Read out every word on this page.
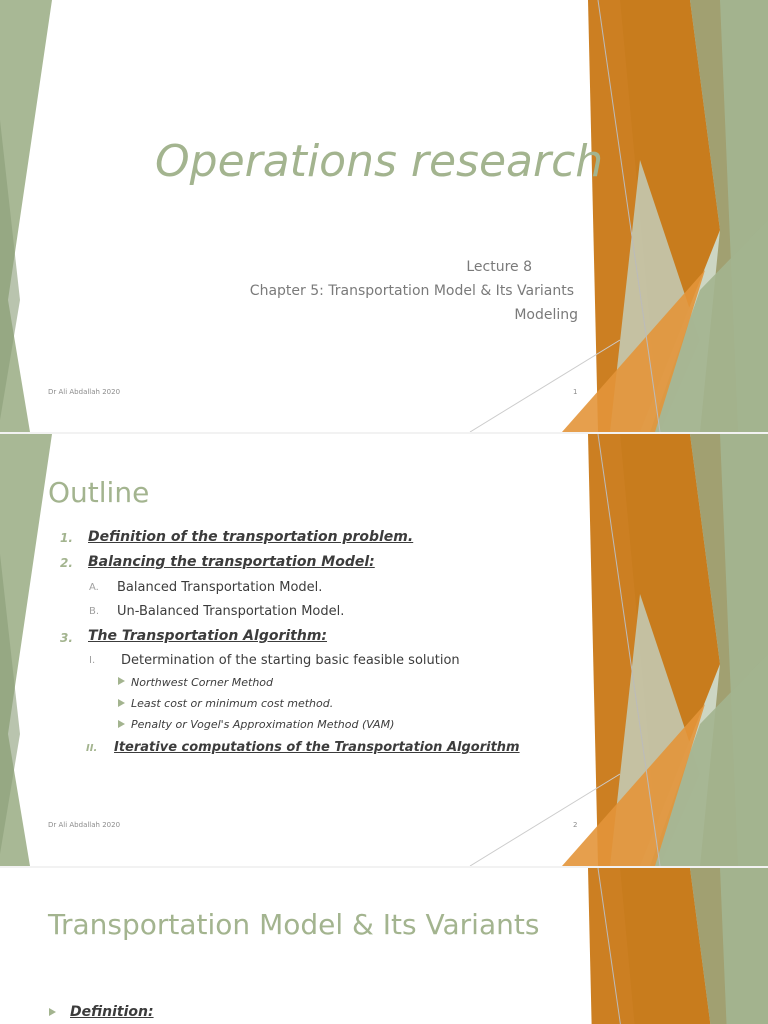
Operations research
Lecture 8
Chapter 5: Transportation Model & Its Variants
Modeling
Dr Ali Abdallah 2020	1
Outline
1. Definition of the transportation problem.
2. Balancing the transportation Model:
A. Balanced Transportation Model.
B. Un-Balanced Transportation Model.
3. The Transportation Algorithm:
I. Determination of the starting basic feasible solution
Northwest Corner Method
Least cost or minimum cost method.
Penalty or Vogel's Approximation Method (VAM)
II. Iterative computations of the Transportation Algorithm
Dr Ali Abdallah 2020	2
Transportation Model & Its Variants
Definition:
